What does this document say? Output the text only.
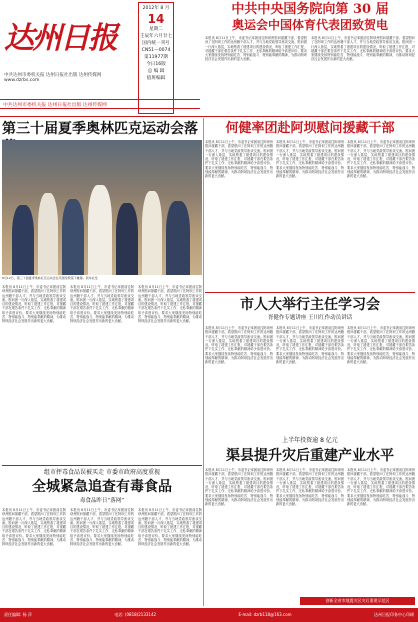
达州日报
中共达州市委机关报 达州日报社出版 达州传媒网 www.dzrbs.com
2012年 8 月
14
星期二
壬辰年六月廿七
国内统一刊号
CN51—0074
第11977期
今日16版
总 编 辑
值班编辑
中共达州市委机关报 达州日报社出版 达州传媒网
中共中央国务院向第 30 届
奥运会中国体育代表团致贺电
本报讯 8月11日上午，市委书记率团前往阿坝州慰问援藏干部，看望慰问了在阿坝工作的达州籍干部人才，并与当地党政领导座谈交流。慰问团一行深入基层，实地察看了援建项目的建设情况，听取了援建工作汇报，对援藏干部在艰苦条件下扎实工作、无私奉献的精神给予高度评价。要求大家继续发扬特别能吃苦、特别能战斗、特别能奉献的精神，为推动阿坝经济社会发展作出新的更大贡献。
本报讯 8月11日上午，市委书记率团前往阿坝州慰问援藏干部，看望慰问了在阿坝工作的达州籍干部人才，并与当地党政领导座谈交流。慰问团一行深入基层，实地察看了援建项目的建设情况，听取了援建工作汇报，对援藏干部在艰苦条件下扎实工作、无私奉献的精神给予高度评价。要求大家继续发扬特别能吃苦、特别能战斗、特别能奉献的精神，为推动阿坝经济社会发展作出新的更大贡献。
第三十届夏季奥林匹克运动会落
8月12日，第三十届夏季奥林匹克运动会在英国伦敦落下帷幕。新华社发
本报讯 8月11日上午，市委书记率团前往阿坝州慰问援藏干部，看望慰问了在阿坝工作的达州籍干部人才，并与当地党政领导座谈交流。慰问团一行深入基层，实地察看了援建项目的建设情况，听取了援建工作汇报，对援藏干部在艰苦条件下扎实工作、无私奉献的精神给予高度评价。要求大家继续发扬特别能吃苦、特别能战斗、特别能奉献的精神，为推动阿坝经济社会发展作出新的更大贡献。
本报讯 8月11日上午，市委书记率团前往阿坝州慰问援藏干部，看望慰问了在阿坝工作的达州籍干部人才，并与当地党政领导座谈交流。慰问团一行深入基层，实地察看了援建项目的建设情况，听取了援建工作汇报，对援藏干部在艰苦条件下扎实工作、无私奉献的精神给予高度评价。要求大家继续发扬特别能吃苦、特别能战斗、特别能奉献的精神，为推动阿坝经济社会发展作出新的更大贡献。
本报讯 8月11日上午，市委书记率团前往阿坝州慰问援藏干部，看望慰问了在阿坝工作的达州籍干部人才，并与当地党政领导座谈交流。慰问团一行深入基层，实地察看了援建项目的建设情况，听取了援建工作汇报，对援藏干部在艰苦条件下扎实工作、无私奉献的精神给予高度评价。要求大家继续发扬特别能吃苦、特别能战斗、特别能奉献的精神，为推动阿坝经济社会发展作出新的更大贡献。
何健率团赴阿坝慰问援藏干部
本报讯 8月11日上午，市委书记率团前往阿坝州慰问援藏干部，看望慰问了在阿坝工作的达州籍干部人才，并与当地党政领导座谈交流。慰问团一行深入基层，实地察看了援建项目的建设情况，听取了援建工作汇报，对援藏干部在艰苦条件下扎实工作、无私奉献的精神给予高度评价。要求大家继续发扬特别能吃苦、特别能战斗、特别能奉献的精神，为推动阿坝经济社会发展作出新的更大贡献。
本报讯 8月11日上午，市委书记率团前往阿坝州慰问援藏干部，看望慰问了在阿坝工作的达州籍干部人才，并与当地党政领导座谈交流。慰问团一行深入基层，实地察看了援建项目的建设情况，听取了援建工作汇报，对援藏干部在艰苦条件下扎实工作、无私奉献的精神给予高度评价。要求大家继续发扬特别能吃苦、特别能战斗、特别能奉献的精神，为推动阿坝经济社会发展作出新的更大贡献。
本报讯 8月11日上午，市委书记率团前往阿坝州慰问援藏干部，看望慰问了在阿坝工作的达州籍干部人才，并与当地党政领导座谈交流。慰问团一行深入基层，实地察看了援建项目的建设情况，听取了援建工作汇报，对援藏干部在艰苦条件下扎实工作、无私奉献的精神给予高度评价。要求大家继续发扬特别能吃苦、特别能战斗、特别能奉献的精神，为推动阿坝经济社会发展作出新的更大贡献。
市人大举行主任学习会
胥健作专题讲座 王川红作动员讲话
本报讯 8月11日上午，市委书记率团前往阿坝州慰问援藏干部，看望慰问了在阿坝工作的达州籍干部人才，并与当地党政领导座谈交流。慰问团一行深入基层，实地察看了援建项目的建设情况，听取了援建工作汇报，对援藏干部在艰苦条件下扎实工作、无私奉献的精神给予高度评价。要求大家继续发扬特别能吃苦、特别能战斗、特别能奉献的精神，为推动阿坝经济社会发展作出新的更大贡献。
本报讯 8月11日上午，市委书记率团前往阿坝州慰问援藏干部，看望慰问了在阿坝工作的达州籍干部人才，并与当地党政领导座谈交流。慰问团一行深入基层，实地察看了援建项目的建设情况，听取了援建工作汇报，对援藏干部在艰苦条件下扎实工作、无私奉献的精神给予高度评价。要求大家继续发扬特别能吃苦、特别能战斗、特别能奉献的精神，为推动阿坝经济社会发展作出新的更大贡献。
本报讯 8月11日上午，市委书记率团前往阿坝州慰问援藏干部，看望慰问了在阿坝工作的达州籍干部人才，并与当地党政领导座谈交流。慰问团一行深入基层，实地察看了援建项目的建设情况，听取了援建工作汇报，对援藏干部在艰苦条件下扎实工作、无私奉献的精神给予高度评价。要求大家继续发扬特别能吃苦、特别能战斗、特别能奉献的精神，为推动阿坝经济社会发展作出新的更大贡献。
上半年投资逾 8 亿元
渠县提升灾后重建产业水平
本报讯 8月11日上午，市委书记率团前往阿坝州慰问援藏干部，看望慰问了在阿坝工作的达州籍干部人才，并与当地党政领导座谈交流。慰问团一行深入基层，实地察看了援建项目的建设情况，听取了援建工作汇报，对援藏干部在艰苦条件下扎实工作、无私奉献的精神给予高度评价。要求大家继续发扬特别能吃苦、特别能战斗、特别能奉献的精神，为推动阿坝经济社会发展作出新的更大贡献。
本报讯 8月11日上午，市委书记率团前往阿坝州慰问援藏干部，看望慰问了在阿坝工作的达州籍干部人才，并与当地党政领导座谈交流。慰问团一行深入基层，实地察看了援建项目的建设情况，听取了援建工作汇报，对援藏干部在艰苦条件下扎实工作、无私奉献的精神给予高度评价。要求大家继续发扬特别能吃苦、特别能战斗、特别能奉献的精神，为推动阿坝经济社会发展作出新的更大贡献。
本报讯 8月11日上午，市委书记率团前往阿坝州慰问援藏干部，看望慰问了在阿坝工作的达州籍干部人才，并与当地党政领导座谈交流。慰问团一行深入基层，实地察看了援建项目的建设情况，听取了援建工作汇报，对援藏干部在艰苦条件下扎实工作、无私奉献的精神给予高度评价。要求大家继续发扬特别能吃苦、特别能战斗、特别能奉献的精神，为推动阿坝经济社会发展作出新的更大贡献。
组市抨毒食品误被买走 市委市政府高度重视
全城紧急追查有毒食品
毒食品昨日“落网”
本报讯 8月11日上午，市委书记率团前往阿坝州慰问援藏干部，看望慰问了在阿坝工作的达州籍干部人才，并与当地党政领导座谈交流。慰问团一行深入基层，实地察看了援建项目的建设情况，听取了援建工作汇报，对援藏干部在艰苦条件下扎实工作、无私奉献的精神给予高度评价。要求大家继续发扬特别能吃苦、特别能战斗、特别能奉献的精神，为推动阿坝经济社会发展作出新的更大贡献。
本报讯 8月11日上午，市委书记率团前往阿坝州慰问援藏干部，看望慰问了在阿坝工作的达州籍干部人才，并与当地党政领导座谈交流。慰问团一行深入基层，实地察看了援建项目的建设情况，听取了援建工作汇报，对援藏干部在艰苦条件下扎实工作、无私奉献的精神给予高度评价。要求大家继续发扬特别能吃苦、特别能战斗、特别能奉献的精神，为推动阿坝经济社会发展作出新的更大贡献。
本报讯 8月11日上午，市委书记率团前往阿坝州慰问援藏干部，看望慰问了在阿坝工作的达州籍干部人才，并与当地党政领导座谈交流。慰问团一行深入基层，实地察看了援建项目的建设情况，听取了援建工作汇报，对援藏干部在艰苦条件下扎实工作、无私奉献的精神给予高度评价。要求大家继续发扬特别能吃苦、特别能战斗、特别能奉献的精神，为推动阿坝经济社会发展作出新的更大贡献。
创新全省市地震灾区灾后重建示范区
责任编辑: 杨 萍	电话: (0818)2133142	E-mail: dzrb118@163.com	达州日报印务中心印刷
